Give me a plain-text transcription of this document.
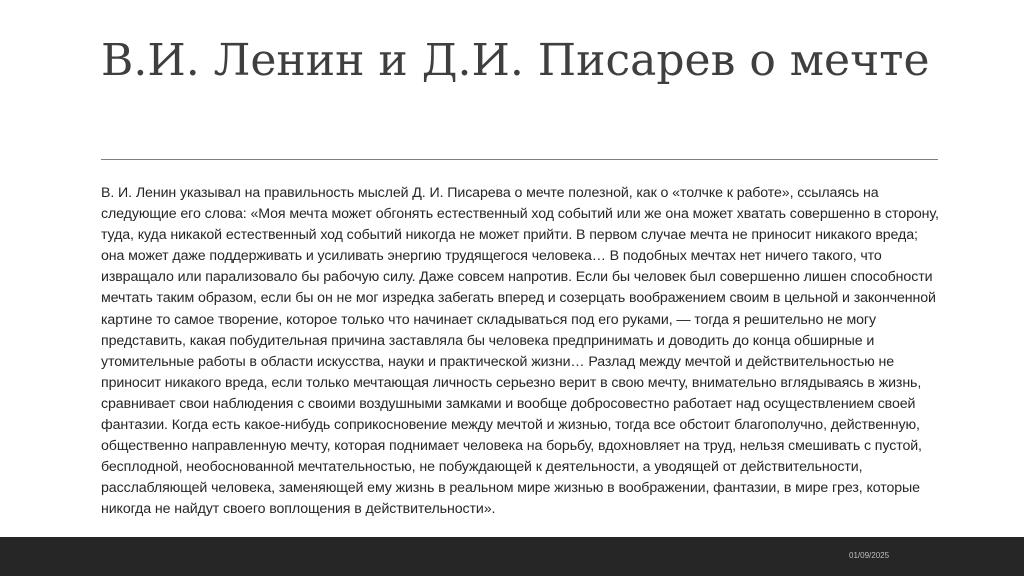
В.И. Ленин и Д.И. Писарев о мечте

В. И. Ленин указывал на правильность мыслей Д. И. Писарева о мечте полезной, как о «толчке к работе», ссылаясь на следующие его слова: «Моя мечта может обгонять естественный ход событий или же она может хватать совершенно в сторону, туда, куда никакой естественный ход событий никогда не может прийти. В первом случае мечта не приносит никакого вреда; она может даже поддерживать и усиливать энергию трудящегося человека… В подобных мечтах нет ничего такого, что извращало или парализовало бы рабочую силу. Даже совсем напротив. Если бы человек был совершенно лишен способности мечтать таким образом, если бы он не мог изредка забегать вперед и созерцать воображением своим в цельной и законченной картине то самое творение, которое только что начинает складываться под его руками, — тогда я решительно не могу представить, какая побудительная причина заставляла бы человека предпринимать и доводить до конца обширные и утомительные работы в области искусства, науки и практической жизни… Разлад между мечтой и действительностью не приносит никакого вреда, если только мечтающая личность серьезно верит в свою мечту, внимательно вглядываясь в жизнь, сравнивает свои наблюдения с своими воздушными замками и вообще добросовестно работает над осуществлением своей фантазии. Когда есть какое-нибудь соприкосновение между мечтой и жизнью, тогда все обстоит благополучно, действенную, общественно направленную мечту, которая поднимает человека на борьбу, вдохновляет на труд, нельзя смешивать с пустой, бесплодной, необоснованной мечтательностью, не побуждающей к деятельности, а уводящей от действительности, расслабляющей человека, заменяющей ему жизнь в реальном мире жизнью в воображении, фантазии, в мире грез, которые никогда не найдут своего воплощения в действительности».

01/09/2025
